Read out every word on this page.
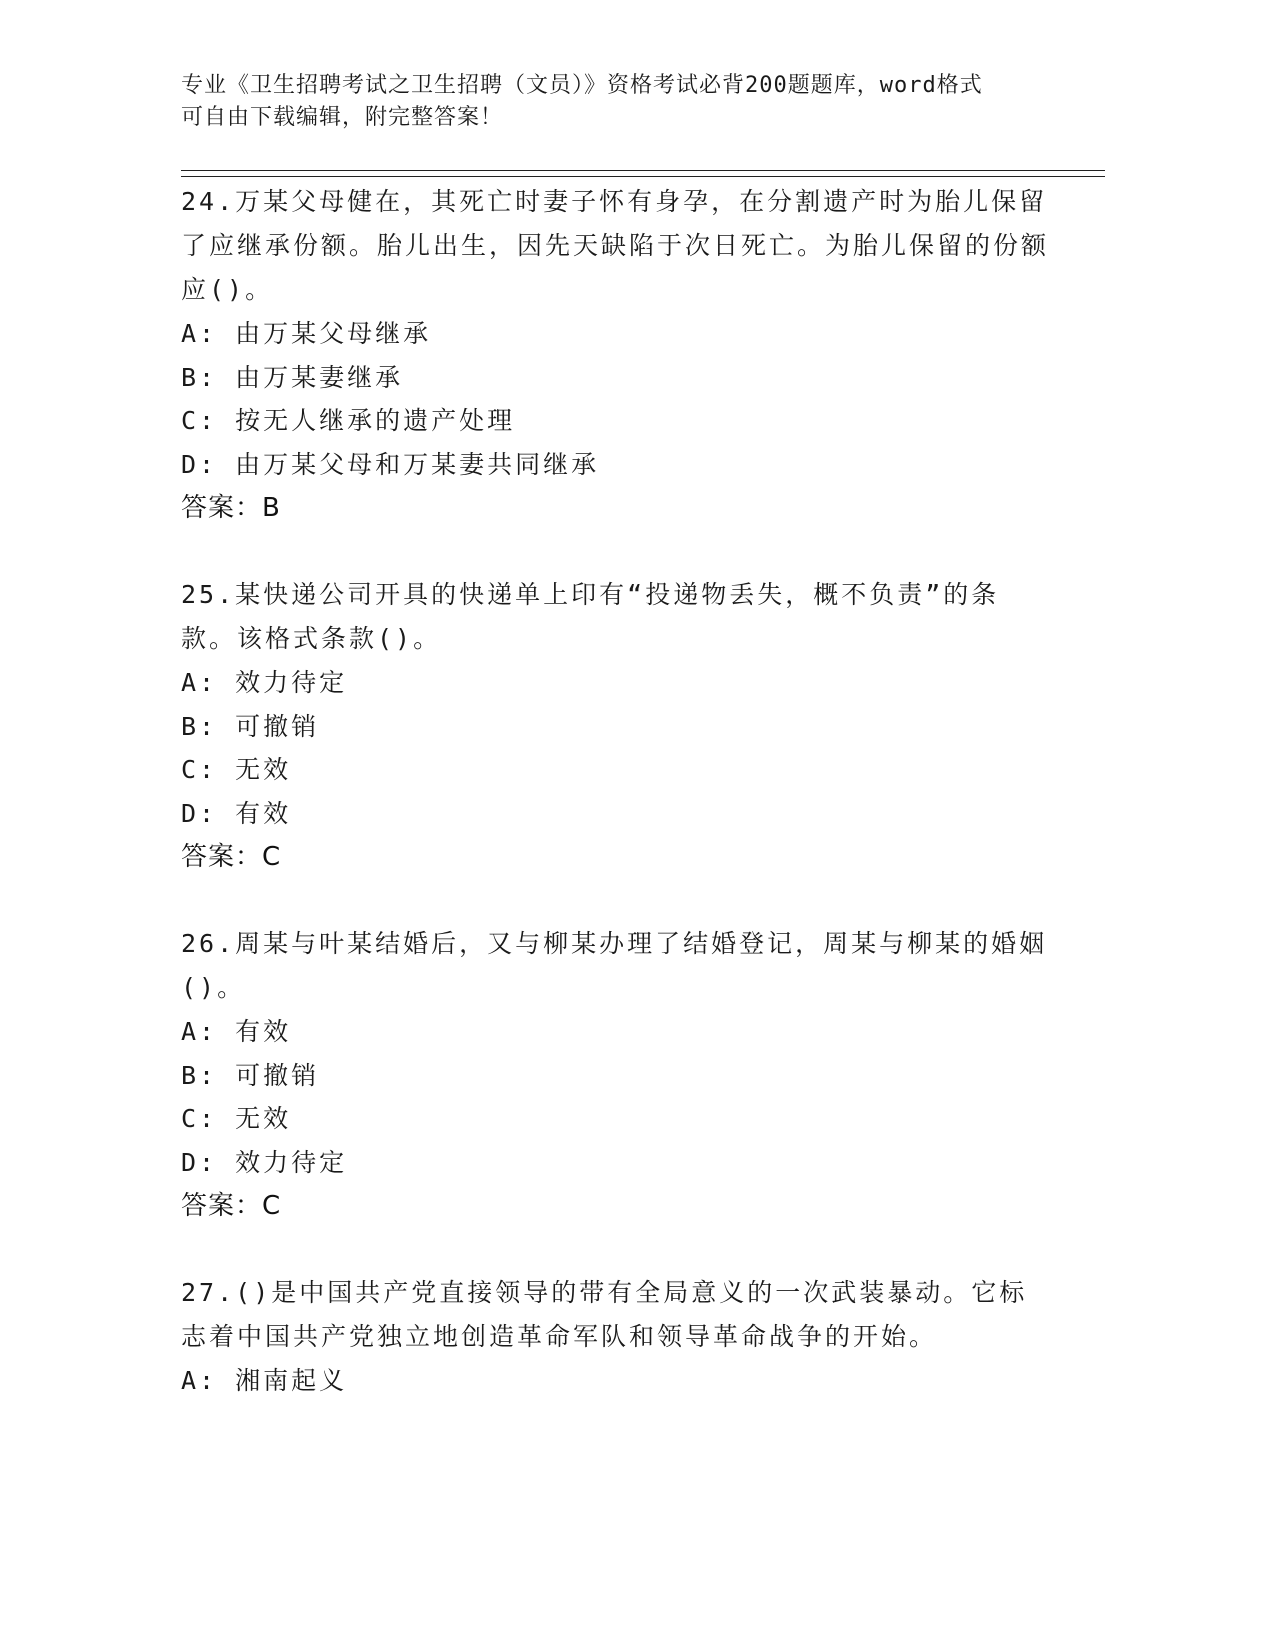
专业《卫生招聘考试之卫生招聘（文员）》资格考试必背200题题库，word格式
可自由下载编辑，附完整答案！
24.万某父母健在，其死亡时妻子怀有身孕，在分割遗产时为胎儿保留了应继承份额。胎儿出生，因先天缺陷于次日死亡。为胎儿保留的份额应()。
A: 由万某父母继承
B: 由万某妻继承
C: 按无人继承的遗产处理
D: 由万某父母和万某妻共同继承
答案：B
25.某快递公司开具的快递单上印有“投递物丢失，概不负责”的条款。该格式条款()。
A: 效力待定
B: 可撤销
C: 无效
D: 有效
答案：C
26.周某与叶某结婚后，又与柳某办理了结婚登记，周某与柳某的婚姻()。
A: 有效
B: 可撤销
C: 无效
D: 效力待定
答案：C
27.()是中国共产党直接领导的带有全局意义的一次武装暴动。它标志着中国共产党独立地创造革命军队和领导革命战争的开始。
A: 湘南起义
